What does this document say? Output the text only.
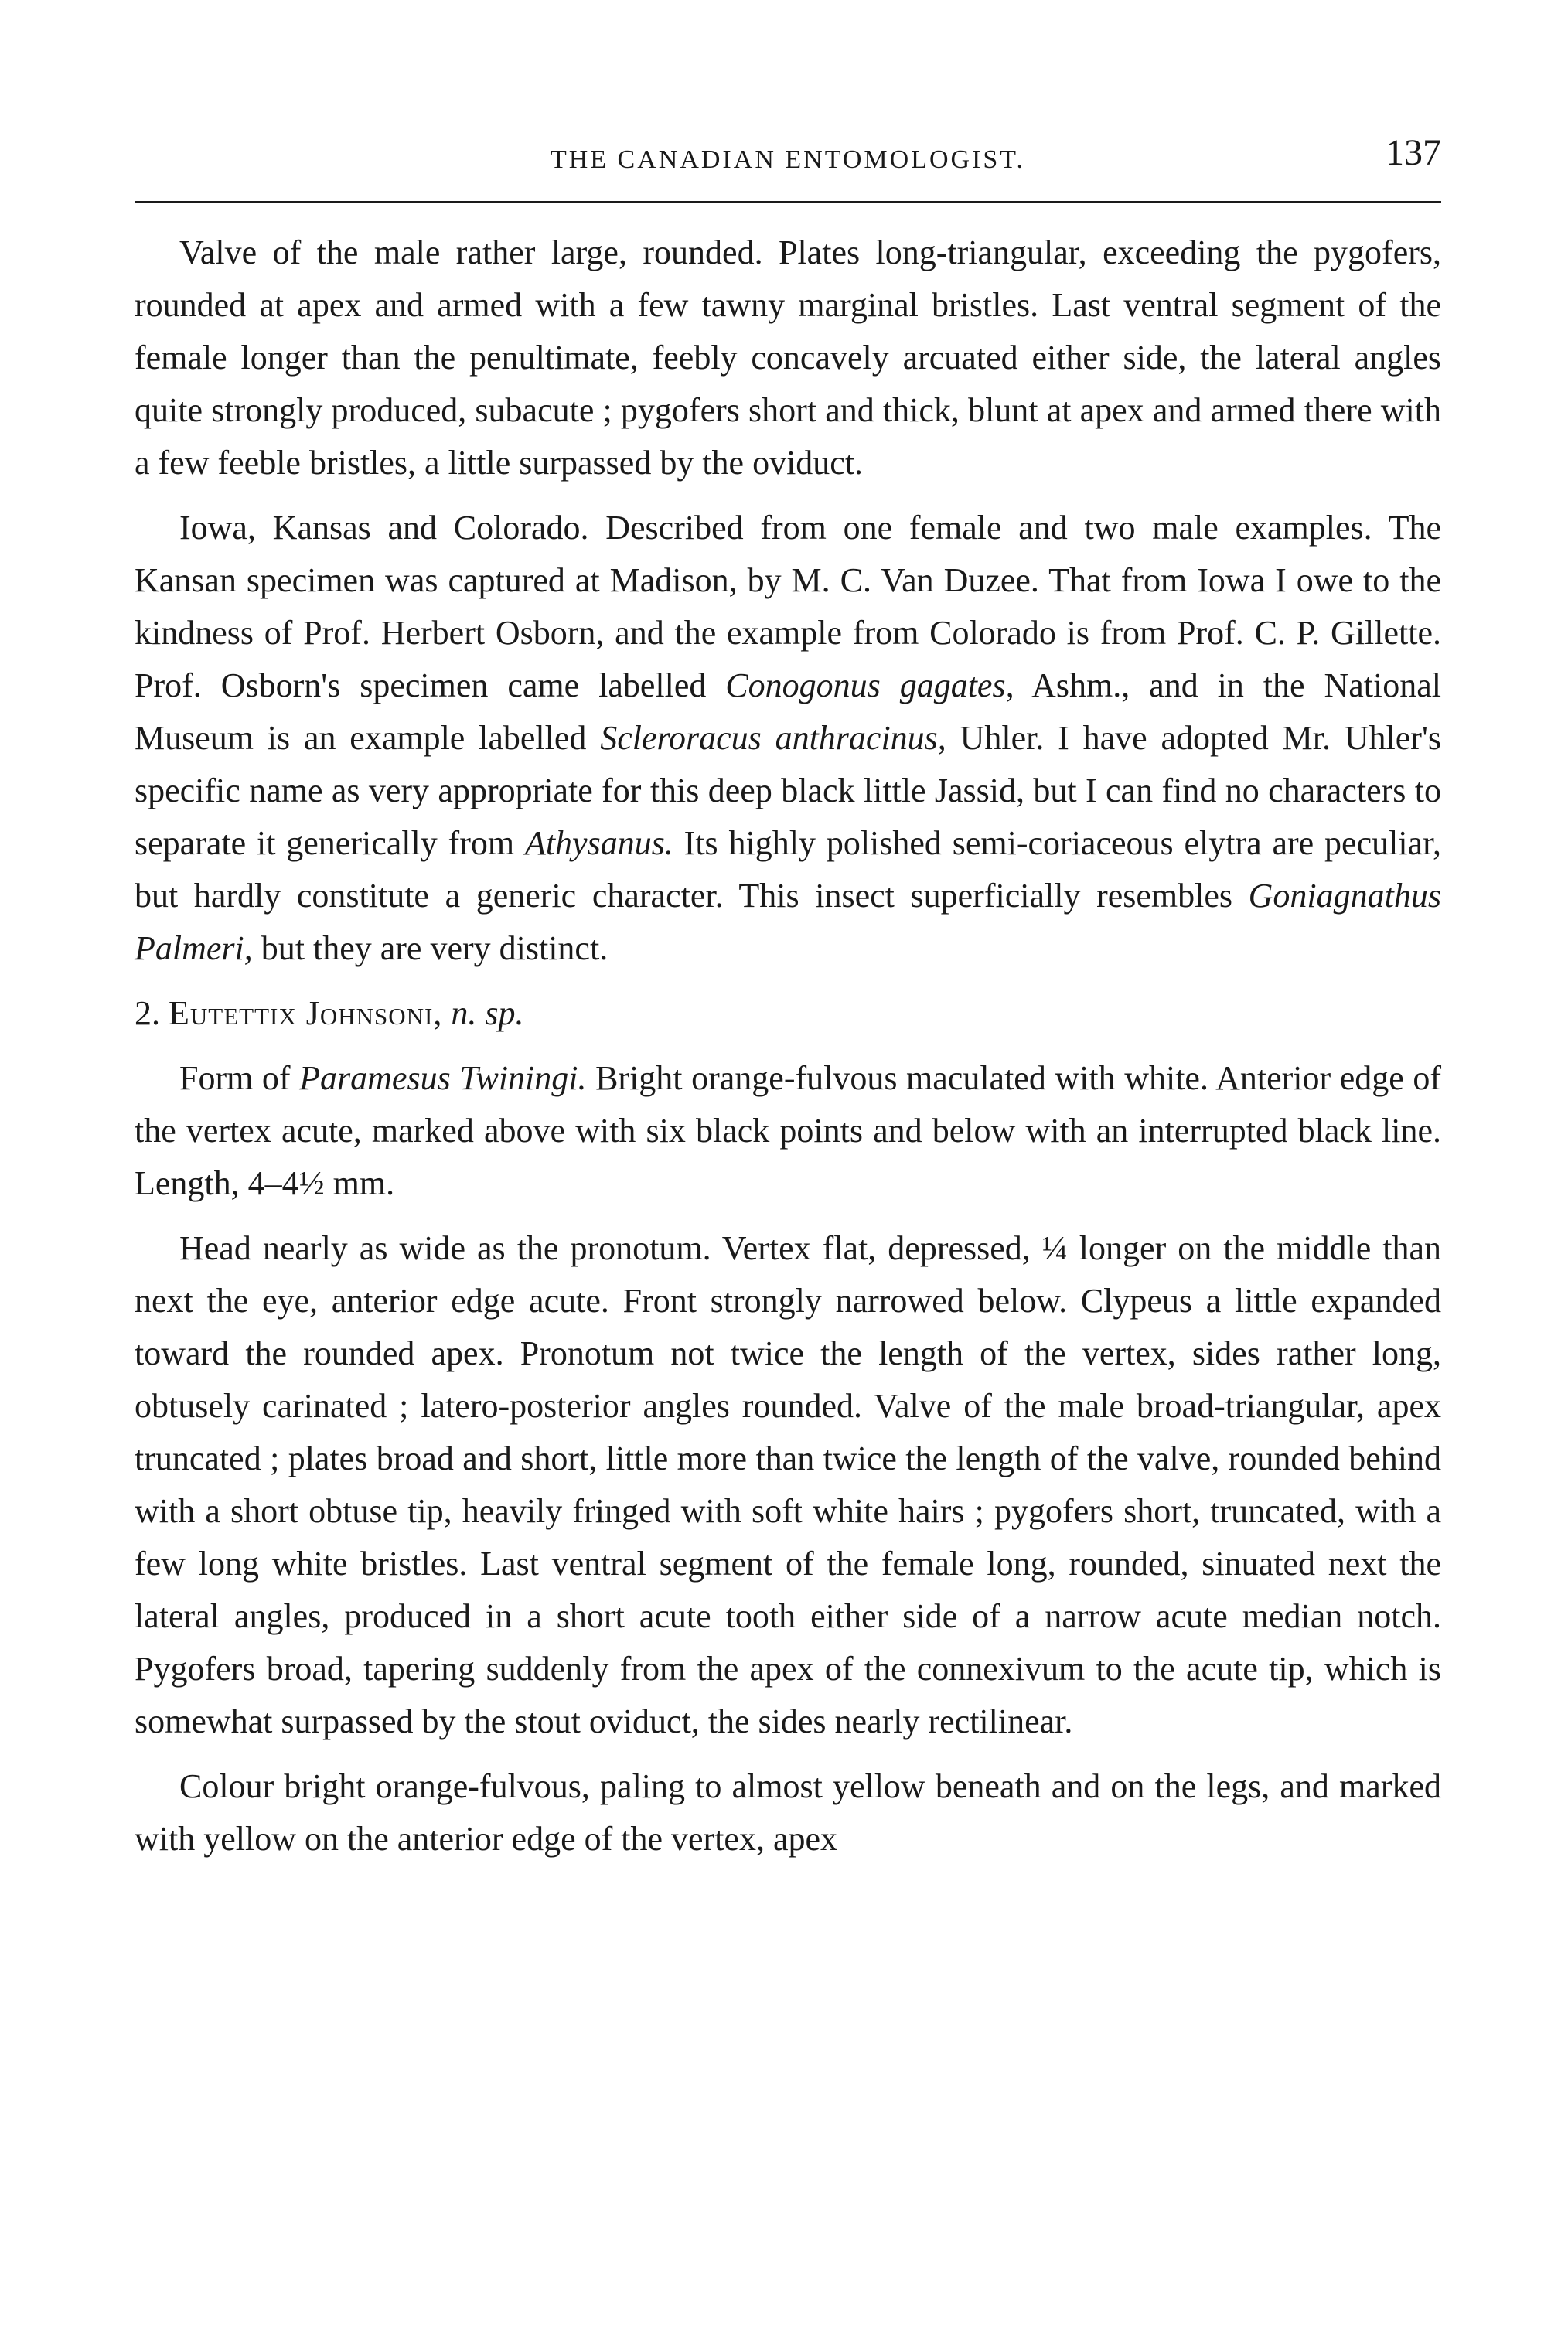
THE CANADIAN ENTOMOLOGIST.	137

Valve of the male rather large, rounded. Plates long-triangular, exceeding the pygofers, rounded at apex and armed with a few tawny marginal bristles. Last ventral segment of the female longer than the penultimate, feebly concavely arcuated either side, the lateral angles quite strongly produced, subacute ; pygofers short and thick, blunt at apex and armed there with a few feeble bristles, a little surpassed by the oviduct.

Iowa, Kansas and Colorado. Described from one female and two male examples. The Kansan specimen was captured at Madison, by M. C. Van Duzee. That from Iowa I owe to the kindness of Prof. Herbert Osborn, and the example from Colorado is from Prof. C. P. Gillette. Prof. Osborn's specimen came labelled Conogonus gagates, Ashm., and in the National Museum is an example labelled Scleroracus anthracinus, Uhler. I have adopted Mr. Uhler's specific name as very appropriate for this deep black little Jassid, but I can find no characters to separate it generically from Athysanus. Its highly polished semi-coriaceous elytra are peculiar, but hardly constitute a generic character. This insect superficially resembles Goniagnathus Palmeri, but they are very distinct.

2. Eutettix Johnsoni, n. sp.

Form of Paramesus Twiningi. Bright orange-fulvous maculated with white. Anterior edge of the vertex acute, marked above with six black points and below with an interrupted black line. Length, 4–4½ mm.

Head nearly as wide as the pronotum. Vertex flat, depressed, ¼ longer on the middle than next the eye, anterior edge acute. Front strongly narrowed below. Clypeus a little expanded toward the rounded apex. Pronotum not twice the length of the vertex, sides rather long, obtusely carinated ; latero-posterior angles rounded. Valve of the male broad-triangular, apex truncated ; plates broad and short, little more than twice the length of the valve, rounded behind with a short obtuse tip, heavily fringed with soft white hairs ; pygofers short, truncated, with a few long white bristles. Last ventral segment of the female long, rounded, sinuated next the lateral angles, produced in a short acute tooth either side of a narrow acute median notch. Pygofers broad, tapering suddenly from the apex of the connexivum to the acute tip, which is somewhat surpassed by the stout oviduct, the sides nearly rectilinear.

Colour bright orange-fulvous, paling to almost yellow beneath and on the legs, and marked with yellow on the anterior edge of the vertex, apex
